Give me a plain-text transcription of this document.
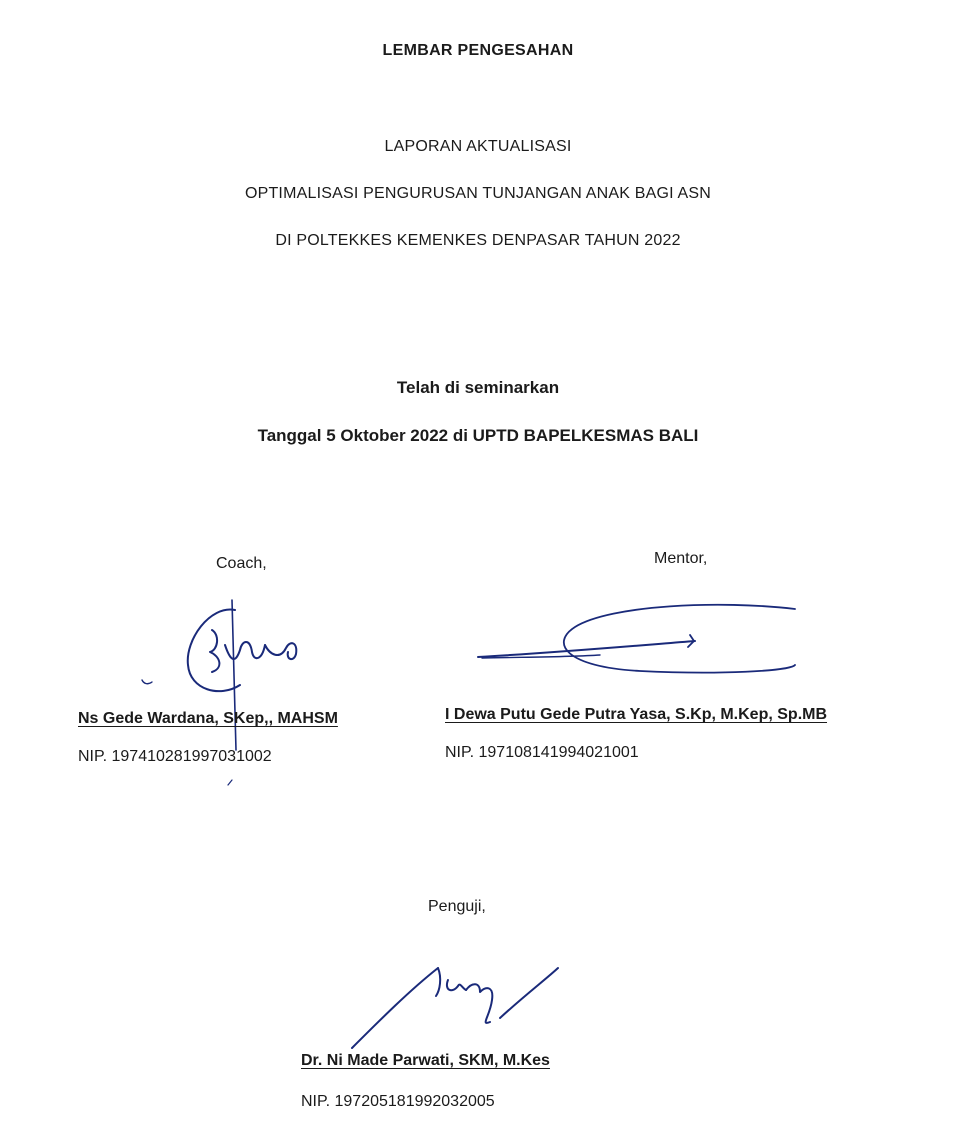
LEMBAR PENGESAHAN
LAPORAN AKTUALISASI
OPTIMALISASI PENGURUSAN TUNJANGAN ANAK BAGI ASN
DI POLTEKKES KEMENKES DENPASAR TAHUN 2022
Telah di seminarkan
Tanggal 5 Oktober 2022 di UPTD BAPELKESMAS BALI
Coach,
Ns Gede Wardana, SKep,, MAHSM
NIP. 197410281997031002
Mentor,
I Dewa Putu Gede Putra Yasa, S.Kp, M.Kep, Sp.MB
NIP. 197108141994021001
Penguji,
Dr. Ni Made Parwati, SKM, M.Kes
NIP. 197205181992032005
